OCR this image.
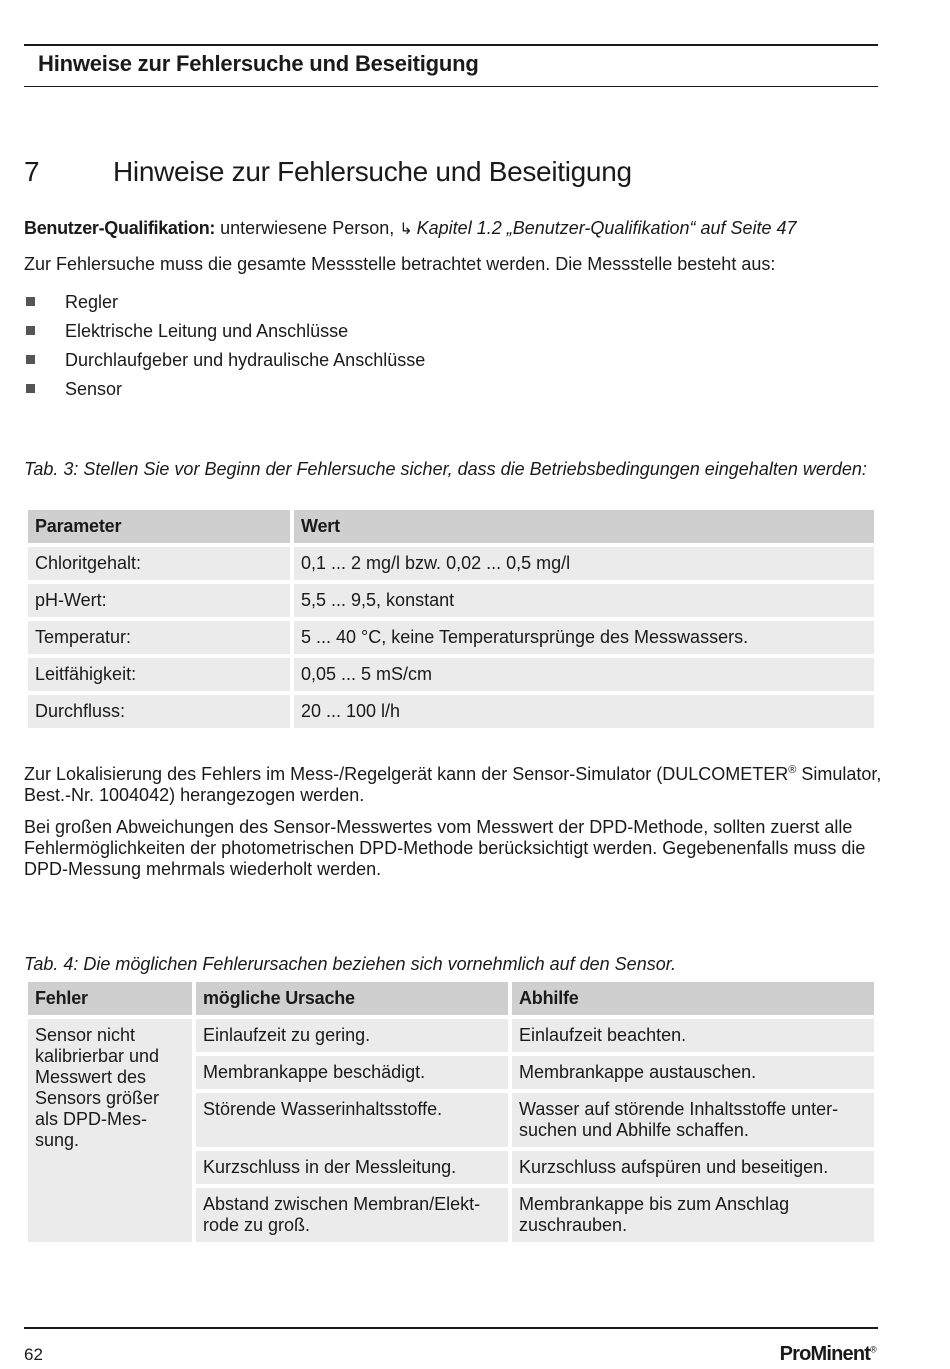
Hinweise zur Fehlersuche und Beseitigung
7	Hinweise zur Fehlersuche und Beseitigung
Benutzer-Qualifikation: unterwiesene Person, ↳ Kapitel 1.2 „Benutzer-Qualifikation“ auf Seite 47
Zur Fehlersuche muss die gesamte Messstelle betrachtet werden. Die Messstelle besteht aus:
Regler
Elektrische Leitung und Anschlüsse
Durchlaufgeber und hydraulische Anschlüsse
Sensor
Tab. 3: Stellen Sie vor Beginn der Fehlersuche sicher, dass die Betriebsbedingungen eingehalten werden:
Parameter	Wert
Chloritgehalt:	0,1 ... 2 mg/l bzw. 0,02 ... 0,5 mg/l
pH-Wert:	5,5 ... 9,5, konstant
Temperatur:	5 ... 40 °C, keine Temperatursprünge des Messwassers.
Leitfähigkeit:	0,05 ... 5 mS/cm
Durchfluss:	20 ... 100 l/h
Zur Lokalisierung des Fehlers im Mess-/Regelgerät kann der Sensor-Simulator (DULCOMETER® Simulator, Best.-Nr. 1004042) herangezogen werden.
Bei großen Abweichungen des Sensor-Messwertes vom Messwert der DPD-Methode, sollten zuerst alle Fehlermöglichkeiten der photometrischen DPD-Methode berücksichtigt werden. Gegebenenfalls muss die DPD-Messung mehrmals wiederholt werden.
Tab. 4: Die möglichen Fehlerursachen beziehen sich vornehmlich auf den Sensor.
Fehler	mögliche Ursache	Abhilfe
Sensor nicht kalibrierbar und Messwert des Sensors größer als DPD-Messung.	Einlaufzeit zu gering.	Einlaufzeit beachten.
	Membrankappe beschädigt.	Membrankappe austauschen.
	Störende Wasserinhaltsstoffe.	Wasser auf störende Inhaltsstoffe untersuchen und Abhilfe schaffen.
	Kurzschluss in der Messleitung.	Kurzschluss aufspüren und beseitigen.
	Abstand zwischen Membran/Elektrode zu groß.	Membrankappe bis zum Anschlag zuschrauben.
62	ProMinent®
